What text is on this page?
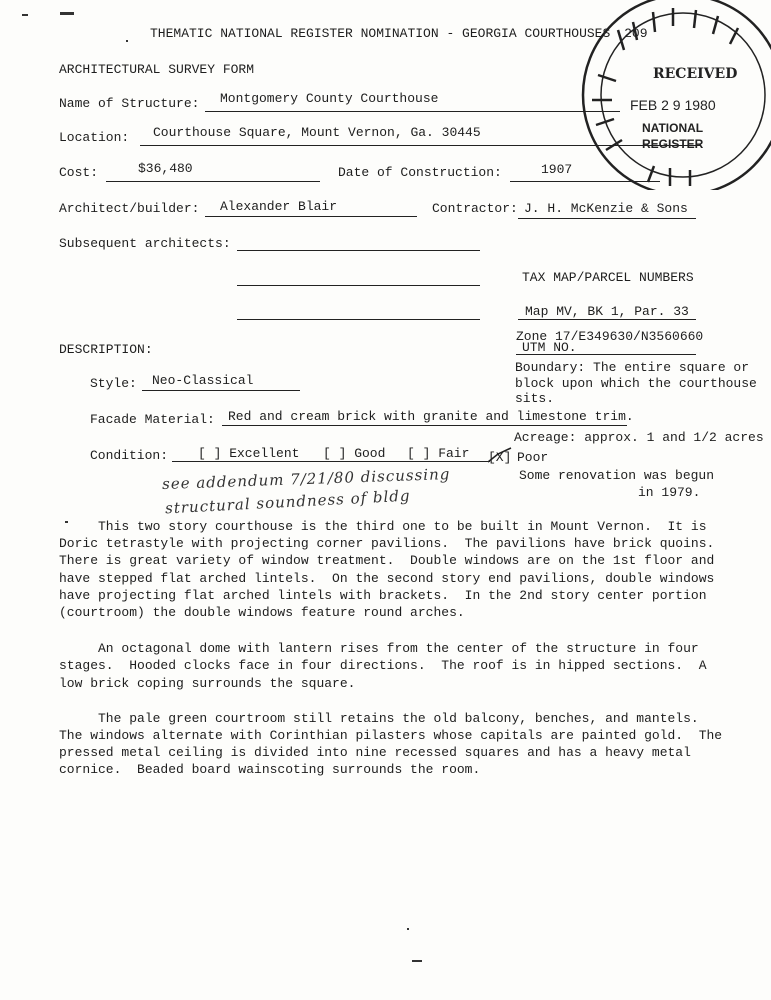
THEMATIC NATIONAL REGISTER NOMINATION - GEORGIA COURTHOUSES 209
ARCHITECTURAL SURVEY FORM	RECEIVED
FEB 2 9 1980
NATIONAL
REGISTER
Name of Structure: Montgomery County Courthouse
Location: Courthouse Square, Mount Vernon, Ga. 30445
Cost:	$36,480	Date of Construction:	1907
Architect/builder: Alexander Blair	Contractor: J. H. McKenzie & Sons
Subsequent architects:
TAX MAP/PARCEL NUMBERS
Map MV, BK 1, Par. 33
Zone 17/E349630/N3560660
UTM NO.
Boundary: The entire square or
block upon which the courthouse
sits.
Acreage: approx. 1 and 1/2 acres
Some renovation was begun
in 1979.
DESCRIPTION:
Style: Neo-Classical
Facade Material: Red and cream brick with granite and limestone trim.
Condition: [ ] Excellent [ ] Good [ ] Fair [X] Poor
see addendum 7/21/80 discussing
structural soundness of bldg
This two story courthouse is the third one to be built in Mount Vernon.  It is
Doric tetrastyle with projecting corner pavilions.  The pavilions have brick quoins.
There is great variety of window treatment.  Double windows are on the 1st floor and
have stepped flat arched lintels.  On the second story end pavilions, double windows
have projecting flat arched lintels with brackets.  In the 2nd story center portion
(courtroom) the double windows feature round arches.
An octagonal dome with lantern rises from the center of the structure in four
stages.  Hooded clocks face in four directions.  The roof is in hipped sections.  A
low brick coping surrounds the square.
The pale green courtroom still retains the old balcony, benches, and mantels.
The windows alternate with Corinthian pilasters whose capitals are painted gold.  The
pressed metal ceiling is divided into nine recessed squares and has a heavy metal
cornice.  Beaded board wainscoting surrounds the room.
